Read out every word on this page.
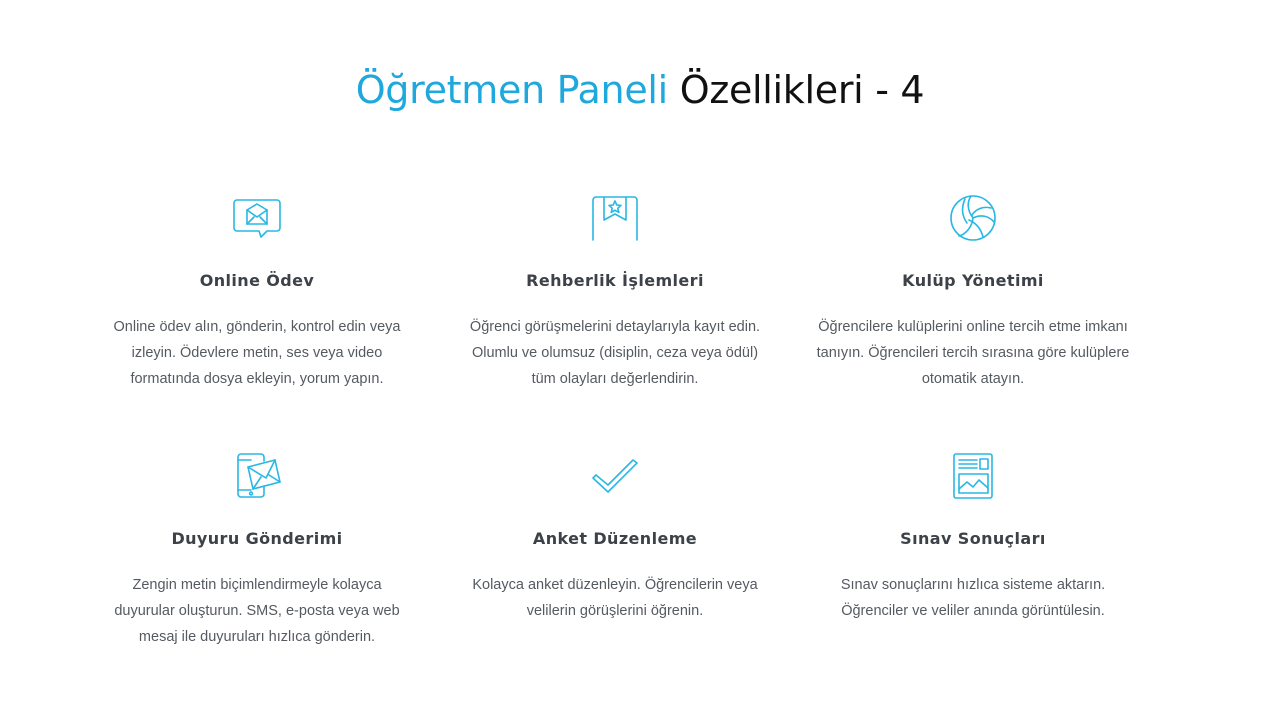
Öğretmen Paneli Özellikleri - 4
Online Ödev
Online ödev alın, gönderin, kontrol edin veya
izleyin. Ödevlere metin, ses veya video
formatında dosya ekleyin, yorum yapın.
Rehberlik İşlemleri
Öğrenci görüşmelerini detaylarıyla kayıt edin.
Olumlu ve olumsuz (disiplin, ceza veya ödül)
tüm olayları değerlendirin.
Kulüp Yönetimi
Öğrencilere kulüplerini online tercih etme imkanı
tanıyın. Öğrencileri tercih sırasına göre kulüplere
otomatik atayın.
Duyuru Gönderimi
Zengin metin biçimlendirmeyle kolayca
duyurular oluşturun. SMS, e-posta veya web
mesaj ile duyuruları hızlıca gönderin.
Anket Düzenleme
Kolayca anket düzenleyin. Öğrencilerin veya
velilerin görüşlerini öğrenin.
Sınav Sonuçları
Sınav sonuçlarını hızlıca sisteme aktarın.
Öğrenciler ve veliler anında görüntülesin.
